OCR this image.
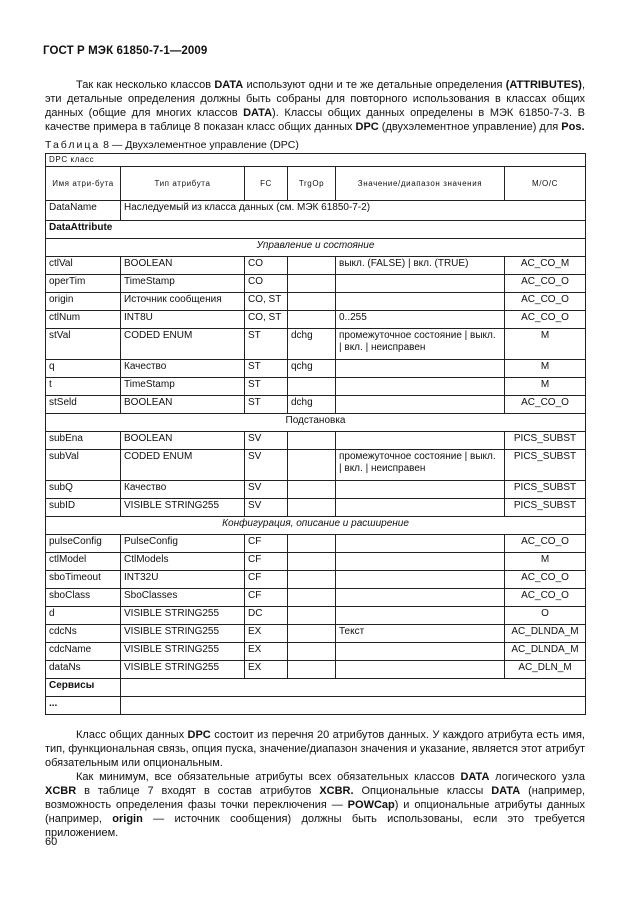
ГОСТ Р МЭК 61850-7-1—2009
Так как несколько классов DATA используют одни и те же детальные определения (ATTRIBUTES), эти детальные определения должны быть собраны для повторного использования в классах общих данных (общие для многих классов DATA). Классы общих данных определены в МЭК 61850-7-3. В качестве примера в таблице 8 показан класс общих данных DPC (двухэлементное управление) для Pos.
Таблица 8 — Двухэлементное управление (DPC)
DPC класс					
Имя атри-бута	Тип атрибута	FC	TrgOp	Значение/диапазон значения	M/O/C
DataName	Наследуемый из класса данных (см. МЭК 61850-7-2)				
DataAttribute					
Управление и состояние					
ctlVal	BOOLEAN	CO		выкл. (FALSE) | вкл. (TRUE)	AC_CO_M
operTim	TimeStamp	CO			AC_CO_O
origin	Источник сообщения	CO, ST			AC_CO_O
ctlNum	INT8U	CO, ST		0..255	AC_CO_O
stVal	CODED ENUM	ST	dchg	промежуточное состояние | выкл. | вкл. | неисправен	M
q	Качество	ST	qchg		M
t	TimeStamp	ST			M
stSeld	BOOLEAN	ST	dchg		AC_CO_O
Подстановка					
subEna	BOOLEAN	SV			PICS_SUBST
subVal	CODED ENUM	SV		промежуточное состояние | выкл. | вкл. | неисправен	PICS_SUBST
subQ	Качество	SV			PICS_SUBST
subID	VISIBLE STRING255	SV			PICS_SUBST
Конфигурация, описание и расширение					
pulseConfig	PulseConfig	CF			AC_CO_O
ctlModel	CtlModels	CF			M
sboTimeout	INT32U	CF			AC_CO_O
sboClass	SboClasses	CF			AC_CO_O
d	VISIBLE STRING255	DC			O
cdcNs	VISIBLE STRING255	EX		Текст	AC_DLNDA_M
cdcName	VISIBLE STRING255	EX			AC_DLNDA_M
dataNs	VISIBLE STRING255	EX			AC_DLN_M
Сервисы					
...					
Класс общих данных DPC состоит из перечня 20 атрибутов данных. У каждого атрибута есть имя, тип, функциональная связь, опция пуска, значение/диапазон значения и указание, является этот атрибут обязательным или опциональным.
Как минимум, все обязательные атрибуты всех обязательных классов DATA логического узла XCBR в таблице 7 входят в состав атрибутов XCBR. Опциональные классы DATA (например, возможность определения фазы точки переключения — POWCap) и опциональные атрибуты данных (например, origin — источник сообщения) должны быть использованы, если это требуется приложением.
60
